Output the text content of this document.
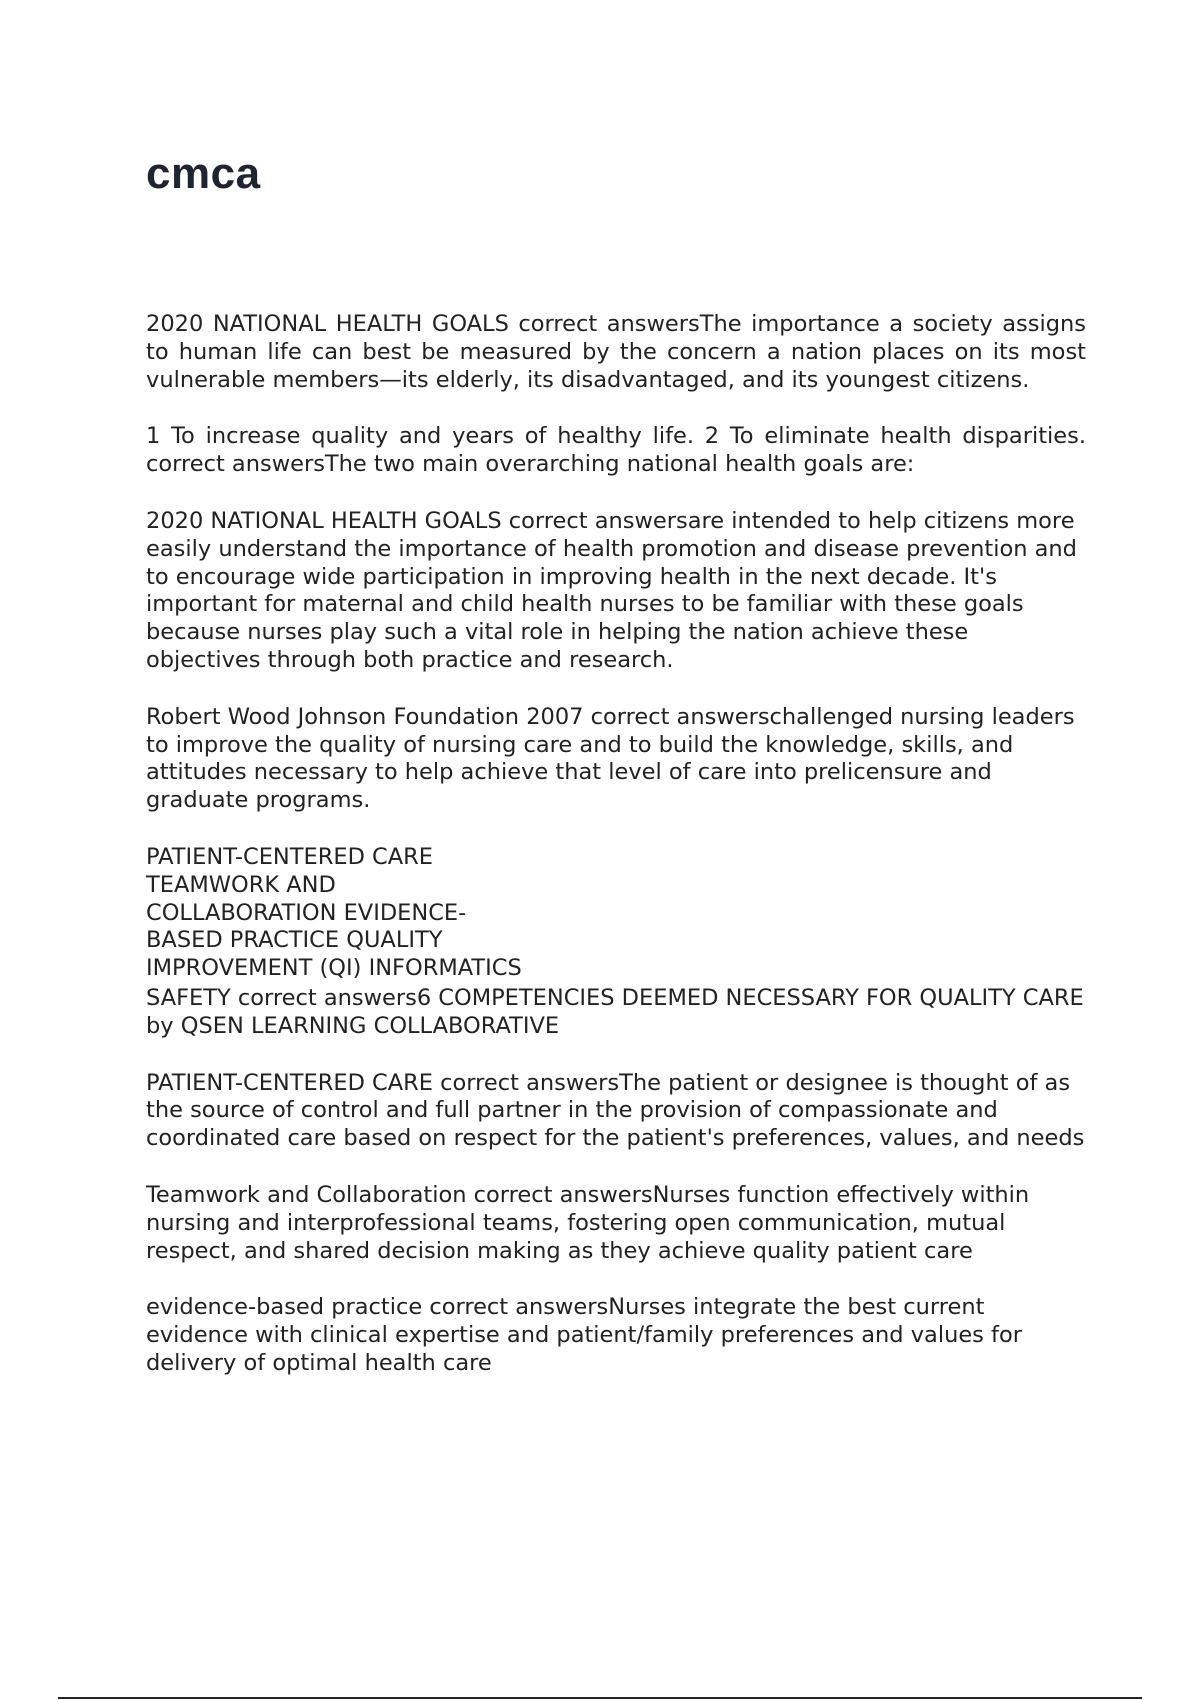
cmca

2020 NATIONAL HEALTH GOALS correct answersThe importance a society assigns to human life can best be measured by the concern a nation places on its most vulnerable members—its elderly, its disadvantaged, and its youngest citizens.

1 To increase quality and years of healthy life. 2 To eliminate health disparities. correct answersThe two main overarching national health goals are:

2020 NATIONAL HEALTH GOALS correct answersare intended to help citizens more easily understand the importance of health promotion and disease prevention and to encourage wide participation in improving health in the next decade. It's important for maternal and child health nurses to be familiar with these goals because nurses play such a vital role in helping the nation achieve these objectives through both practice and research.

Robert Wood Johnson Foundation 2007 correct answerschallenged nursing leaders to improve the quality of nursing care and to build the knowledge, skills, and attitudes necessary to help achieve that level of care into prelicensure and graduate programs.

PATIENT-CENTERED CARE
TEAMWORK AND
COLLABORATION EVIDENCE-
BASED PRACTICE QUALITY
IMPROVEMENT (QI) INFORMATICS
SAFETY correct answers6 COMPETENCIES DEEMED NECESSARY FOR QUALITY CARE by QSEN LEARNING COLLABORATIVE

PATIENT-CENTERED CARE correct answersThe patient or designee is thought of as the source of control and full partner in the provision of compassionate and coordinated care based on respect for the patient's preferences, values, and needs

Teamwork and Collaboration correct answersNurses function effectively within nursing and interprofessional teams, fostering open communication, mutual respect, and shared decision making as they achieve quality patient care

evidence-based practice correct answersNurses integrate the best current evidence with clinical expertise and patient/family preferences and values for delivery of optimal health care
